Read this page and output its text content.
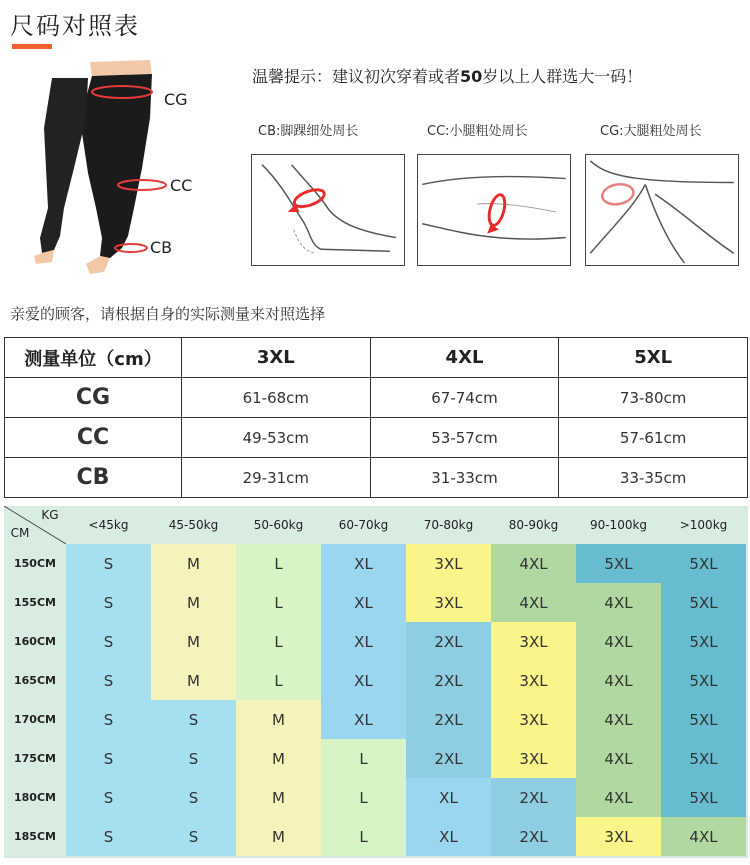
尺码对照表
CG
CC
CB
温馨提示：建议初次穿着或者50岁以上人群选大一码！
CB:脚踝细处周长	CC:小腿粗处周长	CG:大腿粗处周长
亲爱的顾客，请根据自身的实际测量来对照选择
测量单位（cm）	3XL	4XL	5XL
CG	61-68cm	67-74cm	73-80cm
CC	49-53cm	53-57cm	57-61cm
CB	29-31cm	31-33cm	33-35cm
KG
CM
<45kg	45-50kg	50-60kg	60-70kg	70-80kg	80-90kg	90-100kg	>100kg
150CM	S	M	L	XL	3XL	4XL	5XL	5XL
155CM	S	M	L	XL	3XL	4XL	4XL	5XL
160CM	S	M	L	XL	2XL	3XL	4XL	5XL
165CM	S	M	L	XL	2XL	3XL	4XL	5XL
170CM	S	S	M	XL	2XL	3XL	4XL	5XL
175CM	S	S	M	L	2XL	3XL	4XL	5XL
180CM	S	S	M	L	XL	2XL	4XL	5XL
185CM	S	S	M	L	XL	2XL	3XL	4XL
